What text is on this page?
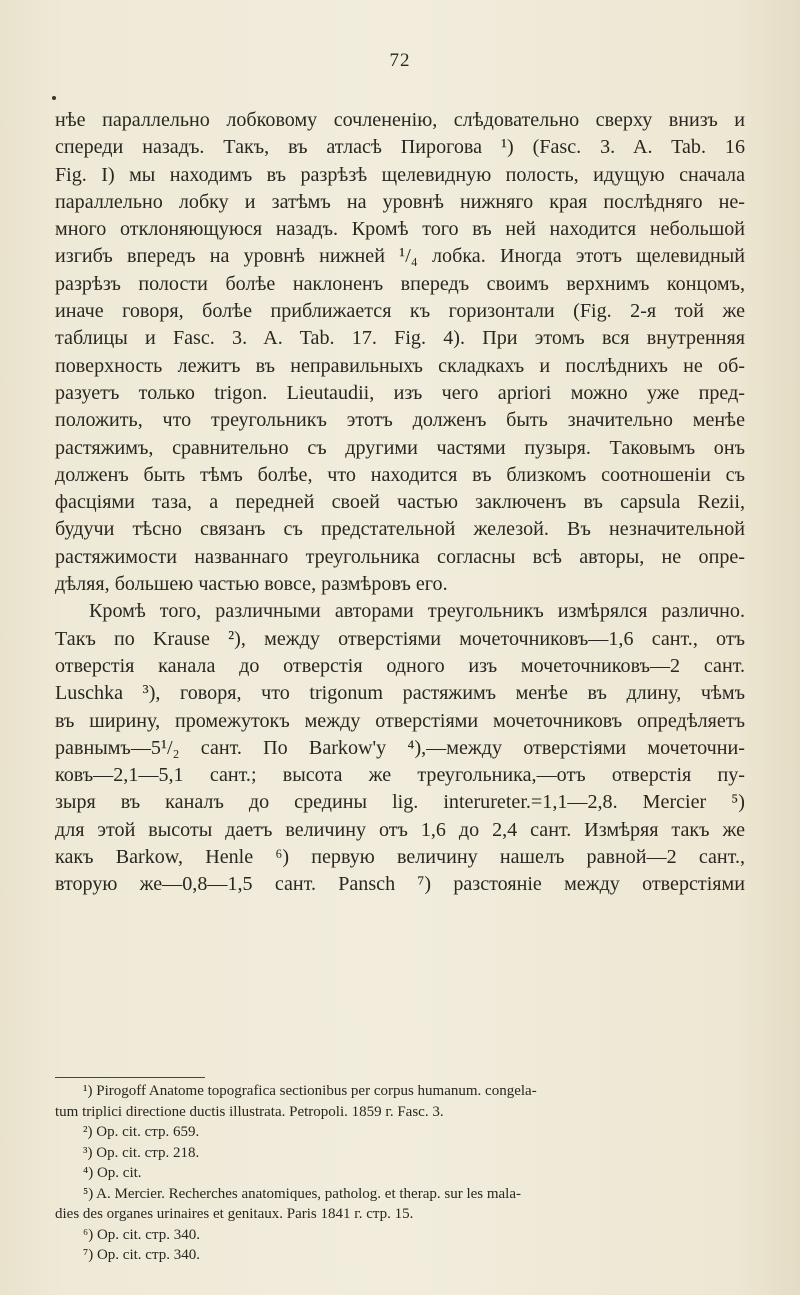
72
нѣе параллельно лобковому сочлененію, слѣдовательно сверху внизъ и
спереди назадъ. Такъ, въ атласѣ Пирогова ¹) (Fasc. 3. A. Tab. 16
Fig. I) мы находимъ въ разрѣзѣ щелевидную полость, идущую сначала
параллельно лобку и затѣмъ на уровнѣ нижняго края послѣдняго не-
много отклоняющуюся назадъ. Кромѣ того въ ней находится небольшой
изгибъ впередъ на уровнѣ нижней ¹/₄ лобка. Иногда этотъ щелевидный
разрѣзъ полости болѣе наклоненъ впередъ своимъ верхнимъ концомъ,
иначе говоря, болѣе приближается къ горизонтали (Fig. 2-я той же
таблицы и Fasc. 3. A. Tab. 17. Fig. 4). При этомъ вся внутренняя
поверхность лежитъ въ неправильныхъ складкахъ и послѣднихъ не об-
разуетъ только trigon. Lieutaudii, изъ чего apriori можно уже пред-
положить, что треугольникъ этотъ долженъ быть значительно менѣе
растяжимъ, сравнительно съ другими частями пузыря. Таковымъ онъ
долженъ быть тѣмъ болѣе, что находится въ близкомъ соотношеніи съ
фасціями таза, а передней своей частью заключенъ въ capsula Rezii,
будучи тѣсно связанъ съ предстательной железой. Въ незначительной
растяжимости названнаго треугольника согласны всѣ авторы, не опре-
дѣляя, большею частью вовсе, размѣровъ его.
Кромѣ того, различными авторами треугольникъ измѣрялся различно.
Такъ по Krause ²), между отверстіями мочеточниковъ—1,6 сант., отъ
отверстія канала до отверстія одного изъ мочеточниковъ—2 сант.
Luschka ³), говоря, что trigonum растяжимъ менѣе въ длину, чѣмъ
въ ширину, промежутокъ между отверстіями мочеточниковъ опредѣляетъ
равнымъ—5¹/₂ сант. По Barkow'у ⁴),—между отверстіями мочеточни-
ковъ—2,1—5,1 сант.; высота же треугольника,—отъ отверстія пу-
зыря въ каналъ до средины lig. interureter.=1,1—2,8. Mercier ⁵)
для этой высоты даетъ величину отъ 1,6 до 2,4 сант. Измѣряя такъ же
какъ Barkow, Henle ⁶) первую величину нашелъ равной—2 сант.,
вторую же—0,8—1,5 сант. Pansch ⁷) разстояніе между отверстіями
¹) Pirogoff Anatome topografica sectionibus per corpus humanum. congela-
tum triplici directione ductis illustrata. Petropoli. 1859 г. Fasc. 3.
²) Op. cit. стр. 659.
³) Op. cit. стр. 218.
⁴) Op. cit.
⁵) A. Mercier. Recherches anatomiques, patholog. et therap. sur les mala-
dies des organes urinaires et genitaux. Paris 1841 г. стр. 15.
⁶) Op. cit. стр. 340.
⁷) Op. cit. стр. 340.
